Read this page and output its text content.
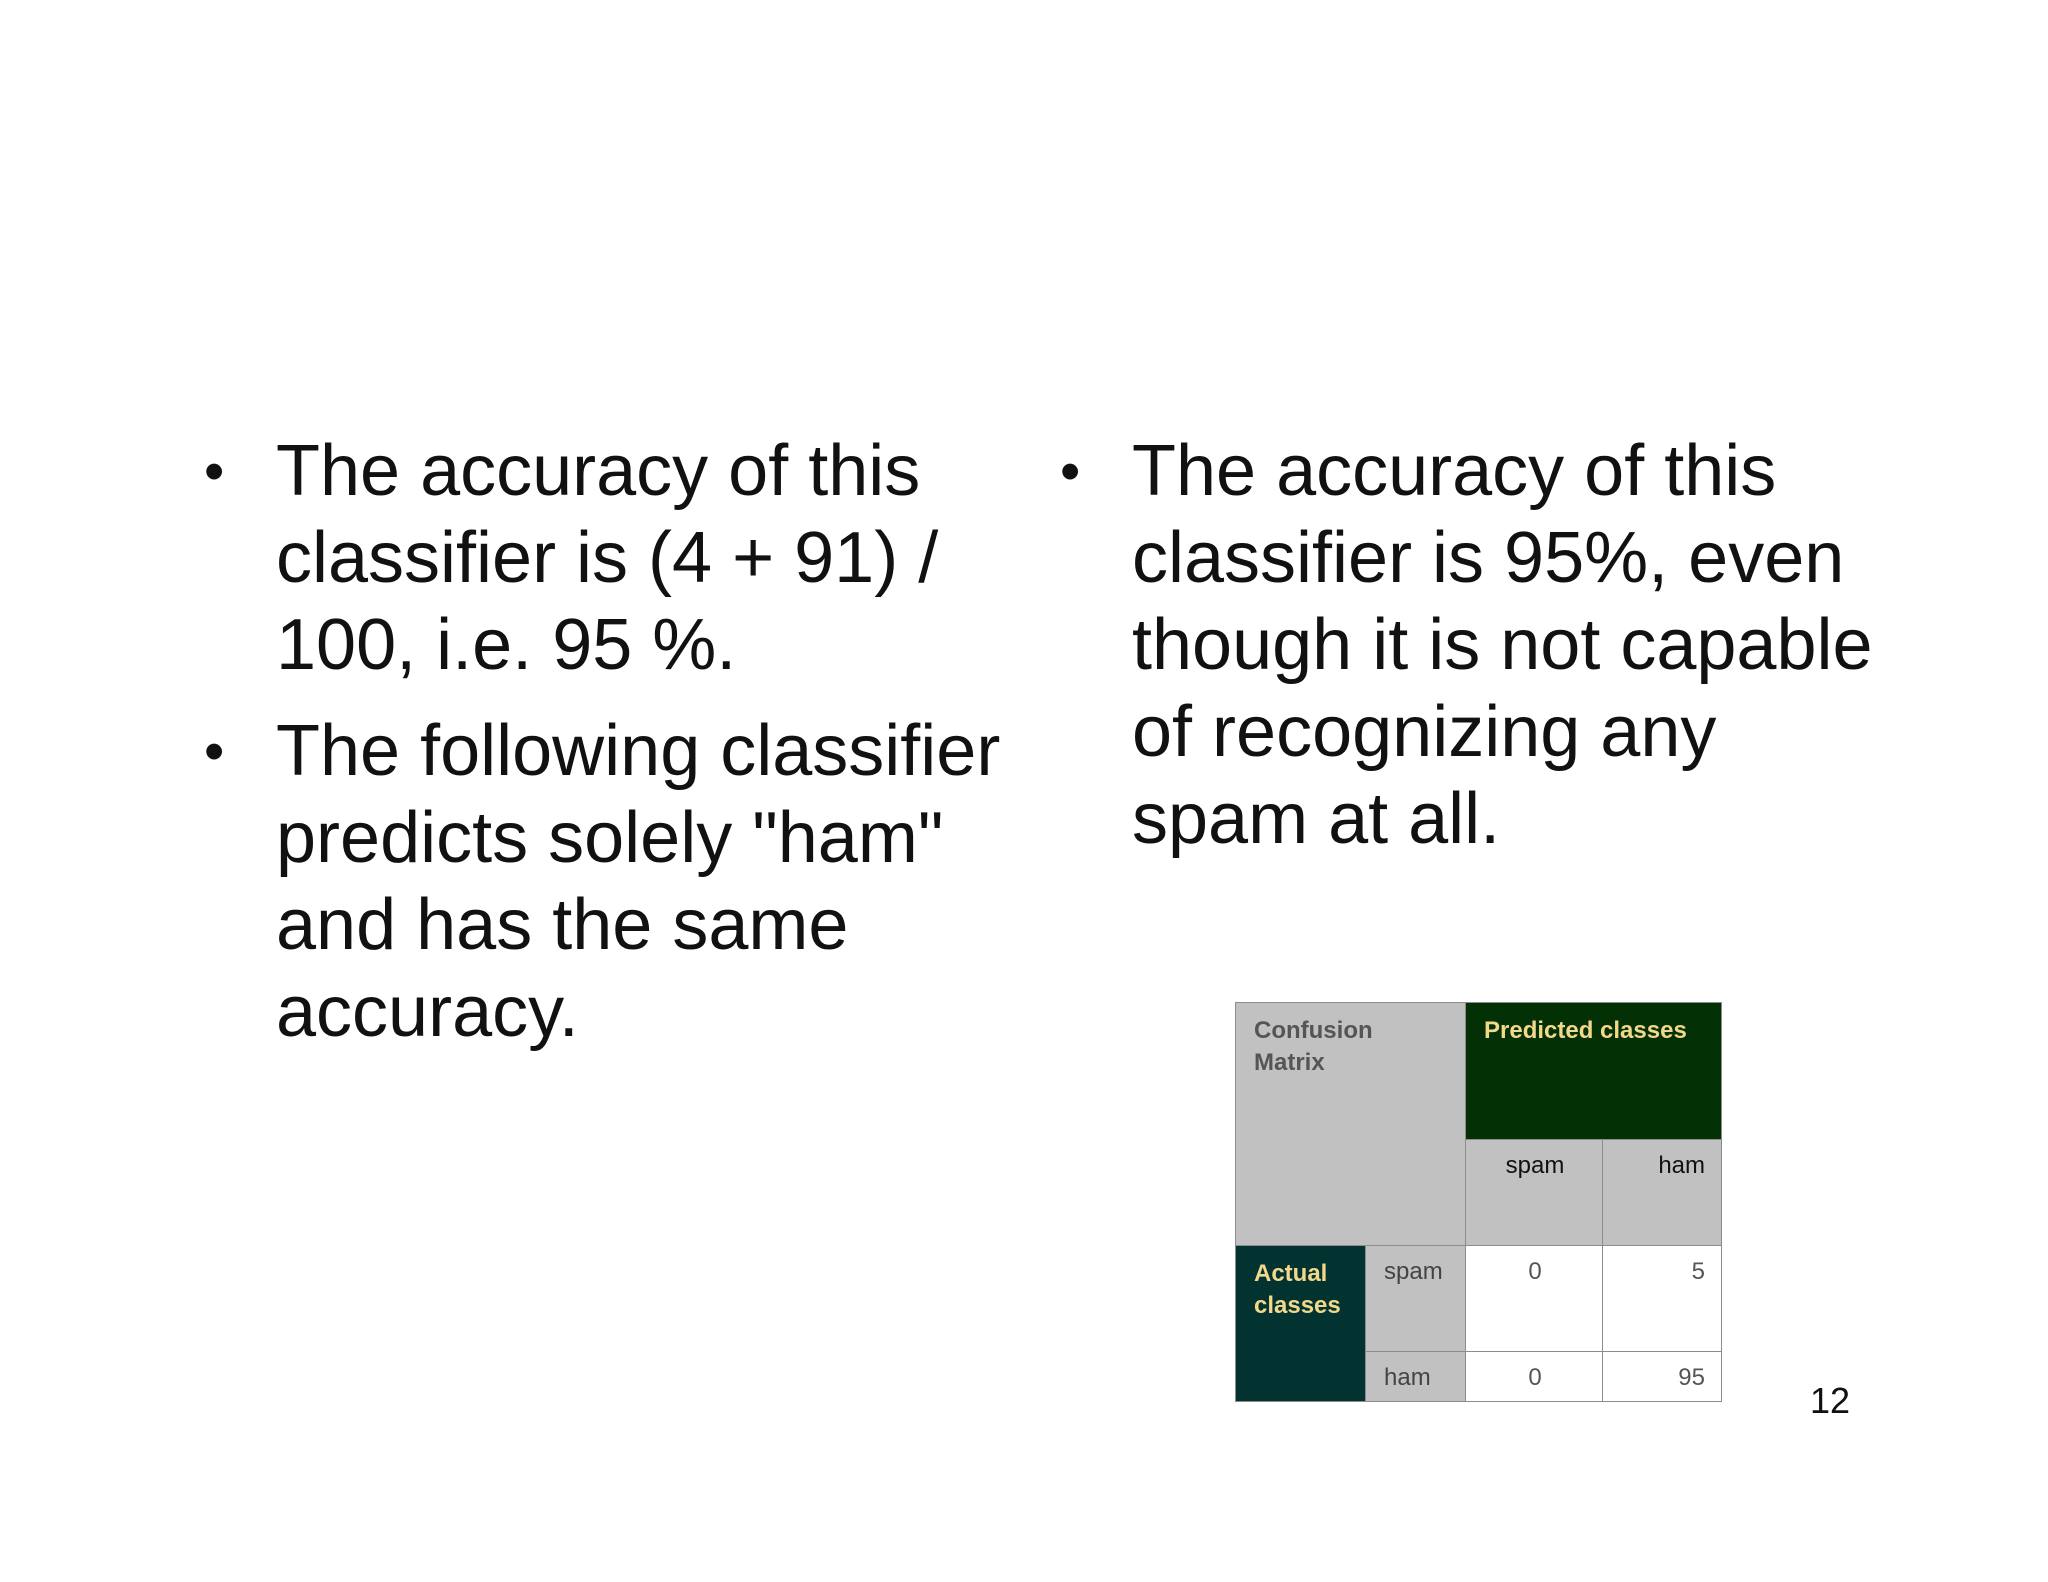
• The accuracy of this classifier is (4 + 91) / 100, i.e. 95 %.
• The following classifier predicts solely "ham" and has the same accuracy.
• The accuracy of this classifier is 95%, even though it is not capable of recognizing any spam at all.
Confusion Matrix		Predicted classes	
		spam	ham
Actual classes	spam	0	5
	ham	0	95
12
